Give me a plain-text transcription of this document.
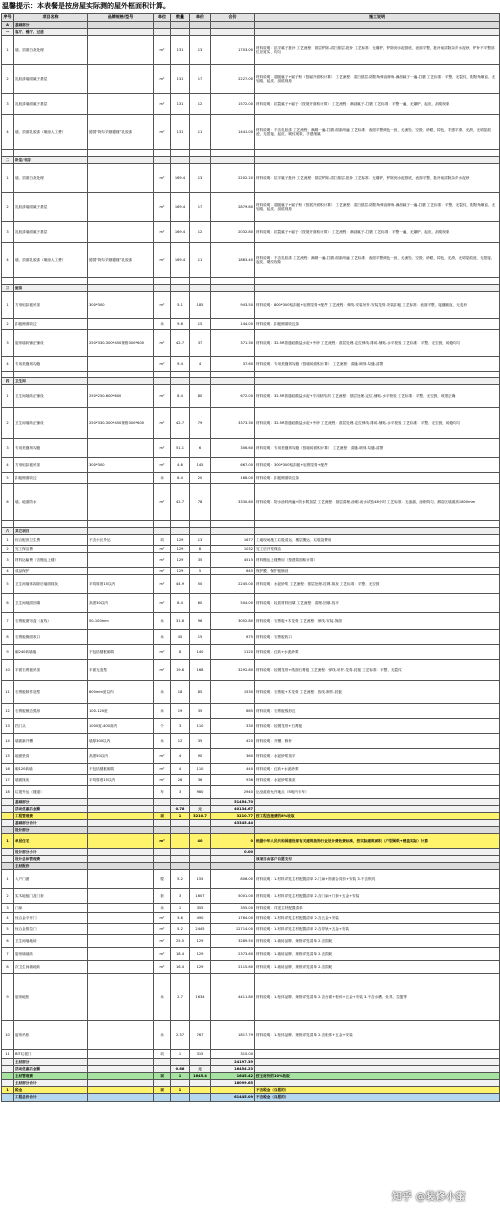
温馨提示：本表餐是按房屋实际测的屋外框面积计算。
序号	项目名称	品牌规格/型号	单位	数量	单价	合价	施工说明
A	基础部分						
一	客厅、餐厅、过道						
1	墙、顶面白灰处理		m²	131	13	1703.00	材料说明：抗平腻子批补 工艺流程：基层铲除-清扫基层-批补 工艺标准：无爆铲，铲除到水泥基底，表面平整，批补前清除杂乡水泥砂，铲补不平整部位应宽实、均匀
2	乳胶漆墙面腻子基层		m²	131	17	2227.00	材料说明：超级腻子+腻子粉（按腻开面积计算） 工艺流程：清扫基层-阴阳角弹直修角-满刮腻子一遍-打磨 工艺标准：平整、无裂纹，阴阳角顺直，无划痕、起皮、刮痕现象
3	乳胶漆墙面腻子基层		m²	131	12	1572.00	材料说明：抗裂腻子+腻子（按展开面积计算） 工艺流程：满刮腻子-打磨 工艺标准：平整一遍，无爆铲，起皮，刮痕现象
4	墙、顶面乳胶漆（刷涂人工费）	德国“阿尔贝娜德楼”乳胶漆	m²	131	11	1441.00	材料说明：不含乳胶漆 工艺流程：满刷一遍-打磨-面漆两遍 工艺标准：表面平整颜色一致，无流坠、空鼓、砂眼、掉色、手感平滑、光滑，无明显痕迹，无搭接、起皮、刷纹现象，手感细腻

二	卧室/书房						
1	墙、顶面白灰处理		m²	169.4	13	2202.20	材料说明：抗平腻子批补 工艺流程：基层铲除-清扫基层-批补 工艺标准：无爆铲，铲除到水泥基底，表面平整，批补前清除杂乡水泥砂
2	乳胶漆墙面腻子基层		m²	169.4	17	2879.80	材料说明：超级腻子+腻子粉（按展开面积计算） 工艺流程：清扫基层-阴阳角弹直修角-满刮腻子一遍-打磨 工艺标准：平整、无裂纹，阴阳角顺直，无划痕、起皮、刮痕现象
3	乳胶漆墙面腻子基层		m²	169.4	12	2032.80	材料说明：抗裂腻子+腻子（按展开面积计算） 工艺流程：满刮腻子-打磨 工艺标准：平整一遍，无爆铲，起皮，刮痕现象
4	墙、顶面乳胶漆（刷涂人工费）	德国“阿尔贝娜德楼”乳胶漆	m²	169.4	11	1863.40	材料说明：不含乳胶漆 工艺流程：满刷一遍-打磨-面漆两遍 工艺标准：表面平整颜色一致，无流坠、空鼓、砂眼、掉色、光滑，无明显痕迹，无搭接、起皮、刷纹现象

三	厨房						
1	方形铝扣板吊顶	300*300	m²	5.1	185	943.50	材料说明：800*300铝扣板+轻钢龙骨+配件 工艺流程：弹线-安装吊杆-安装龙骨-安装扣板 工艺标准：表面平整，接缝顺直，无变形
2	扣板侧面收边		米	9.6	15	144.00	材料说明：扣板侧面收边条
3	厨房墙砖铺正铺设	250*330-300*450规格300*600	m²	42.7	37	371.30	材料说明：32.5R普通硅酸盐水泥+中砂 工艺流程：基层处理-定位弹线-排砖-铺贴-水平校验 工艺标准：平整、无空鼓，砖缝均匀
4	专用美缝剂勾缝		m²	9.4	4	37.60	材料说明：专用美缝剂勾缝（按墙砖面积计算） 工艺流程：清缝-调剂-勾缝-清擦

四	卫生间						
1	卫生间地砖正铺设	250*250-600*600	m²	8.4	80	672.00	材料说明：32.5R普通硅酸盐水泥+专用粘结剂 工艺流程：基层处理-定位-铺贴-水平校验 工艺标准：平整、无空鼓，坡度正确
2	卫生间墙砖正铺设	250*330-300*450规格300*600	m²	42.7	79	3373.30	材料说明：32.5R普通硅酸盐水泥+中砂 工艺流程：基层处理-定位弹线-排砖-铺贴-水平校验 工艺标准：平整、无空鼓，砖缝均匀
3	专用美缝剂勾缝		m²	51.1	6	306.60	材料说明：专用美缝剂勾缝（按墙砖面积计算） 工艺流程：清缝-调剂-勾缝-清擦
4	方形铝扣板吊顶	300*300	m²	4.6	145	667.00	材料说明：300*300铝扣板+轻钢龙骨+配件
5	扣板侧面收边		米	8.4	20	168.00	材料说明：扣板侧面收边条
6	墙、地面防水		m²	42.7	78	3330.60	材料说明：防水涂料两遍+防水附加层 工艺流程：基层清理-涂刷-闭水试验48小时 工艺标准：无渗漏，涂刷均匀，淋浴区墙面高1800mm

六	其它项目						
1	综合配套卫生费	不含小区外运	项	129	13	1677	工地现场施工垃圾清运、楼层搬运、垃圾袋费用
2	完工保洁费		m²	129	8	1032	完工后开荒保洁
3	材料运输费（含搬运上楼）		m²	129	35	4515	材料搬运上楼费用（按建筑面积计算）
4	成品保护		m²	129	5	645	保护膜、保护板铺设
5	卫生间墙体拆除后墙面抹灰	平均厚度15以内	m²	44.9	50	2245.00	材料说明：水泥砂浆 工艺流程：基层处理-挂网-抹灰 工艺标准：平整、无空鼓
6	卫生间地面回填	高度30以内	m²	8.4	60	504.00	材料说明：轻质材料回填 工艺流程：清理-回填-找平
7	石膏板窗帘盒（直线）	50-100mm	米	31.8	96	3052.80	材料说明：石膏板+木龙骨 工艺流程：弹线-安装-饰面
8	石膏板侧面收口		米	45	15	675	材料说明：石膏板收口
9	砌240砖墙墙	不包括楼框砌筑	m²	8	140	1120	材料说明：红砖+水泥砂浆
10	平面石膏板吊顶	平面无造型	m²	19.6	168	3292.80	材料说明：轻钢龙骨+纸面石膏板 工艺流程：弹线-吊杆-龙骨-封板 工艺标准：平整、无裂纹
11	石膏板制作造型	600mm宽以内	米	18	85	1530	材料说明：石膏板+木龙骨 工艺流程：放线-制作-封板
12	石膏板侧边弧形	100-120宽	米	19	35	665	材料说明：石膏板弧形边
13	挡门头	1000宽-400高内	个	3	110	330	材料说明：轻钢龙骨+石膏板
14	墙面新开槽	墙厚300以内	米	12	35	420	材料说明：开槽、修补
15	地面垫高	高度50以内	m²	4	90	360	材料说明：水泥砂浆找平
16	砌120砖墙	不包括楼框砌筑	m²	4	110	440	材料说明：红砖+水泥砂浆
17	墙面抹灰	平均厚度15以内	m²	26	36	936	材料说明：水泥砂浆抹灰
18	垃圾外运（楼道）		车	3	980	2940	运至政府允许地点（5吨内卡车）
	基础部分					51454.70	
	活动优惠后金额			0.78	元	40134.67	
	工程管理费		项	1	3210.7	3210.77	按工程直接费的8%收取
	基础部分合计					43345.44	
	设计部分						
1	单层住宅		m²		40	0	根据中华人民共和国建设部有关建筑装饰行业设计费收费标准，按实际建筑面积（户型图纸+楼盘实际）计算
	设计部分小计					0.00	
	设计总体管理费						该项目由客户自愿支付
	主材报价						
1	入户门窗		樘	5.2	155	806.00	材料说明：1.材料详见主材配置清单 2.门扇+饰面合同价+安装 3.不含锁具
2	实木地板门及门套		套	3	1607	5001.00	材料说明：1.材料详见主材配置清单 2.含门扇+门套+五金+安装
3	门垛		米	1	355	355.00	材料说明：详见主材配置清单
4	钛合金平开门		m²	3.6	490	1764.00	材料说明：1.材料详见主材配置清单 2.含五金+安装
5	钛合金推拉门		m²	5.2	2445	12714.00	材料说明：1.材料详见主材配置清单 2.含导轨+五金+安装
6	卫生间墙地砖		m²	25.5	129	3289.50	材料说明：1.墙砖品牌、规格详见清单 2.含损耗
7	厨房墙地砖		m²	18.4	129	2373.60	材料说明：1.墙砖品牌、规格详见清单 2.含损耗
8	次卫生间墙地砖		m²	16.4	129	2115.60	材料说明：1.墙砖品牌、规格详见清单 2.含损耗
9	厨房地柜		米	2.7	1634	4411.80	材料说明：1.柜体品牌、规格详见清单 2.含台面+柜体+五金+安装 3.不含水槽、灶具、拉篮等
10	厨房吊柜		米	2.37	767	1817.79	材料说明：1.柜体品牌、规格详见清单 2.含柜体+五金+安装
11	BIT垃圾门		项	1	315	315.00	
	主材部分					24197.39	
	活动优惠后金额			0.68	元	16454.23	
	主材管理费		项	1	1645.4	1645.42	按主材价的10%收取
	主材部分合计					18099.65	
1	税金		项	1			不含税金（自愿的）
	工程总价合计					61445.09	不含税金（自愿的）
知乎 @装修小蜜
